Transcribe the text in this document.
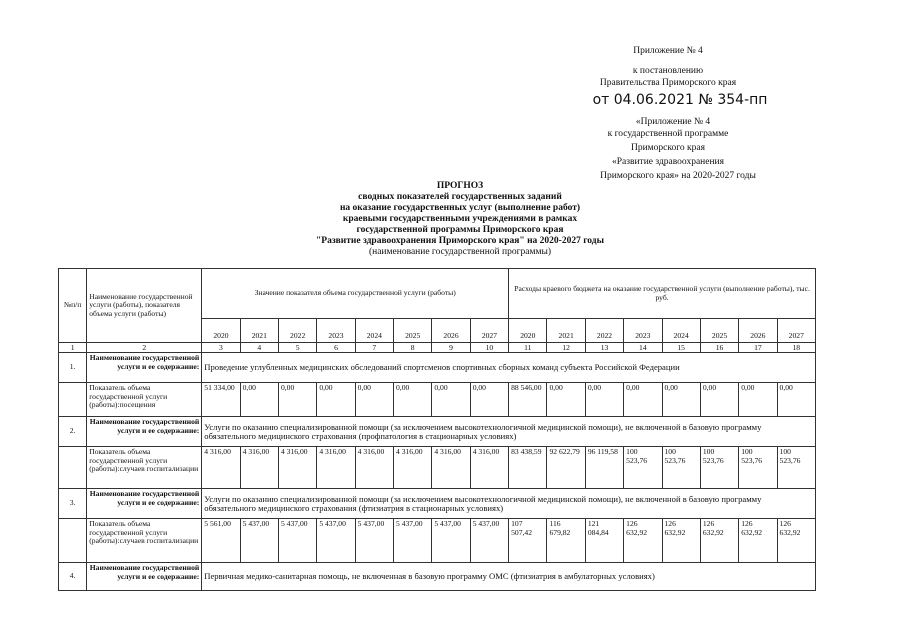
Приложение № 4
к постановлению
Правительства Приморского края
от 04.06.2021 № 354-пп
«Приложение № 4
к государственной программе
Приморского края
«Развитие здравоохранения
Приморского края» на 2020-2027 годы
ПРОГНОЗ
сводных показателей государственных заданий
на оказание государственных услуг (выполнение работ)
краевыми государственными учреждениями в рамках
государственной программы Приморского края
"Развитие здравоохранения Приморского края" на 2020-2027 годы
(наименование государственной программы)
№п/п	Наименование государственной услуги (работы), показателя объема услуги (работы)	Значение показателя объема государственной услуги (работы)								Расходы краевого бюджета на оказание государственной услуги (выполнение работы), тыс. руб.							
		2020	2021	2022	2023	2024	2025	2026	2027	2020	2021	2022	2023	2024	2025	2026	2027
1	2	3	4	5	6	7	8	9	10	11	12	13	14	15	16	17	18
1.	Наименование государственной услуги и ее содержание:	Проведение углубленных медицинских обследований спортсменов спортивных сборных команд субъекта Российской Федерации															
	Показатель объема государственной услуги (работы):посещения	51 334,00	0,00	0,00	0,00	0,00	0,00	0,00	0,00	88 546,00	0,00	0,00	0,00	0,00	0,00	0,00	0,00
2.	Наименование государственной услуги и ее содержание:	Услуги по оказанию специализированной помощи (за исключением высокотехнологичной медицинской помощи), не включенной в базовую программу обязательного медицинского страхования (профпатология в стационарных условиях)															
	Показатель объема государственной услуги (работы):случаев госпитализации	4 316,00	4 316,00	4 316,00	4 316,00	4 316,00	4 316,00	4 316,00	4 316,00	83 438,59	92 622,79	96 119,58	100 523,76	100 523,76	100 523,76	100 523,76	100 523,76
3.	Наименование государственной услуги и ее содержание:	Услуги по оказанию специализированной помощи (за исключением высокотехнологичной медицинской помощи), не включенной в базовую программу обязательного медицинского страхования (фтизиатрия в стационарных условиях)															
	Показатель объема государственной услуги (работы):случаев госпитализации	5 561,00	5 437,00	5 437,00	5 437,00	5 437,00	5 437,00	5 437,00	5 437,00	107 507,42	116 679,82	121 084,84	126 632,92	126 632,92	126 632,92	126 632,92	126 632,92
4.	Наименование государственной услуги и ее содержание:	Первичная медико-санитарная помощь, не включенная в базовую программу ОМС (фтизиатрия в амбулаторных условиях)															
